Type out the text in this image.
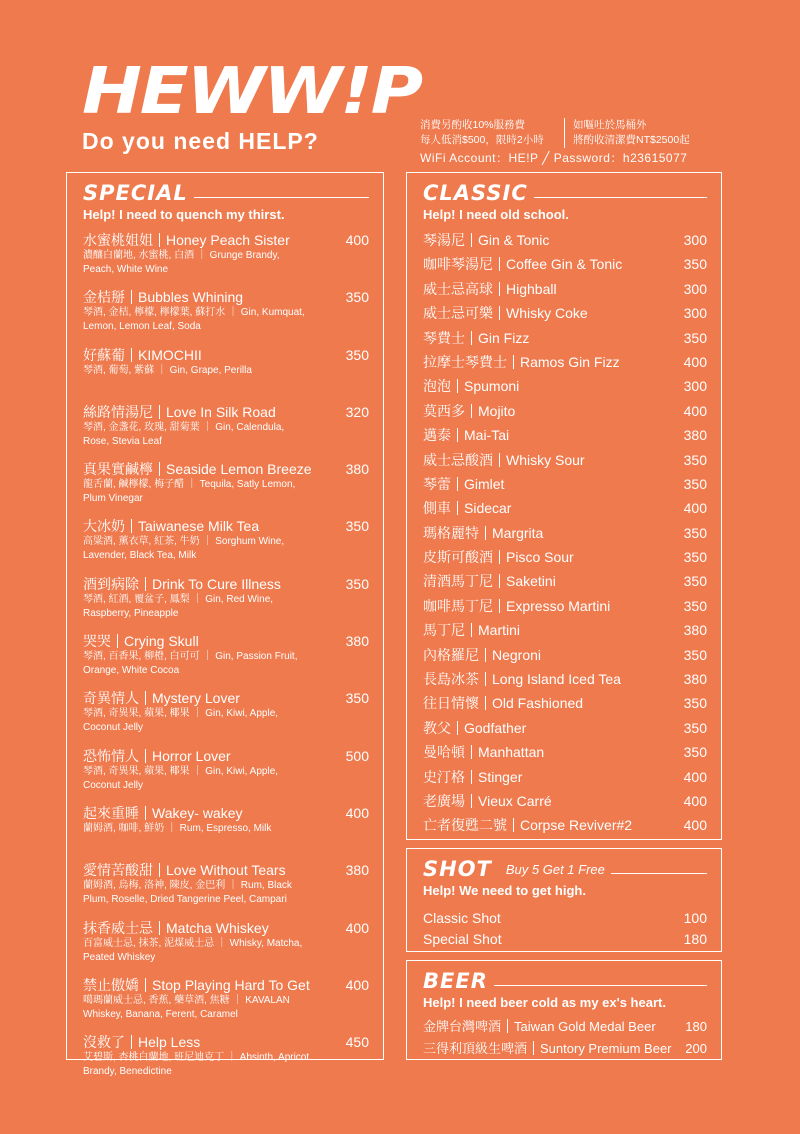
HEWW!P
Do you need HELP?
消費另酌收10%服務費
每人低消$500，限時2小時
如嘔吐於馬桶外
將酌收清潔費NT$2500起
WiFi Account：HE!P ╱ Password：h23615077
SPECIAL
Help! I need to quench my thirst.
水蜜桃姐姐 Honey Peach Sister
濃釀白蘭地, 水蜜桃, 白酒 ｜ Grunge Brandy, Peach, White Wine
400
金桔掰 Bubbles Whining
琴酒, 金桔, 檸檬, 檸檬葉, 蘇打水 ｜ Gin, Kumquat, Lemon, Lemon Leaf, Soda
350
好蘇葡 KIMOCHII
琴酒, 葡萄, 紫蘇 ｜ Gin, Grape, Perilla
350
絲路情湯尼 Love In Silk Road
琴酒, 金盞花, 玫瑰, 甜菊葉 ｜ Gin, Calendula, Rose, Stevia Leaf
320
真果實鹹檸 Seaside Lemon Breeze
龍舌蘭, 鹹檸檬, 梅子醋 ｜ Tequila, Satly Lemon, Plum Vinegar
380
大冰奶 Taiwanese Milk Tea
高粱酒, 薰衣草, 紅茶, 牛奶 ｜ Sorghum Wine, Lavender, Black Tea, Milk
350
酒到病除 Drink To Cure Illness
琴酒, 紅酒, 覆盆子, 鳳梨 ｜ Gin, Red Wine, Raspberry, Pineapple
350
哭哭 Crying Skull
琴酒, 百香果, 柳橙, 白可可 ｜ Gin, Passion Fruit, Orange, White Cocoa
380
奇異情人 Mystery Lover
琴酒, 奇異果, 蘋果, 椰果 ｜ Gin, Kiwi, Apple, Coconut Jelly
350
恐怖情人 Horror Lover
琴酒, 奇異果, 蘋果, 椰果 ｜ Gin, Kiwi, Apple, Coconut Jelly
500
起來重睡 Wakey- wakey
蘭姆酒, 咖啡, 鮮奶 ｜ Rum, Espresso, Milk
400
愛情苦酸甜 Love Without Tears
蘭姆酒, 烏梅, 洛神, 陳皮, 金巴利 ｜ Rum, Black Plum, Roselle, Dried Tangerine Peel, Campari
380
抹香威士忌 Matcha Whiskey
百富威士忌, 抹茶, 泥煤威士忌 ｜ Whisky, Matcha, Peated Whiskey
400
禁止傲嬌 Stop Playing Hard To Get
噶瑪蘭威士忌, 香蕉, 藥草酒, 焦糖 ｜ KAVALAN Whiskey, Banana, Ferent, Caramel
400
沒救了 Help Less
艾碧斯, 杏桃白蘭地, 班尼迪克丁 ｜ Absinth, Apricot Brandy, Benedictine
450
CLASSIC
Help! I need old school.
琴湯尼 Gin & Tonic	300
咖啡琴湯尼 Coffee Gin & Tonic	350
威士忌高球 Highball	300
威士忌可樂 Whisky Coke	300
琴費士 Gin Fizz	350
拉摩士琴費士 Ramos Gin Fizz	400
泡泡 Spumoni	300
莫西多 Mojito	400
邁泰 Mai-Tai	380
威士忌酸酒 Whisky Sour	350
琴蕾 Gimlet	350
側車 Sidecar	400
瑪格麗特 Margrita	350
皮斯可酸酒 Pisco Sour	350
清酒馬丁尼 Saketini	350
咖啡馬丁尼 Expresso Martini	350
馬丁尼 Martini	380
內格羅尼 Negroni	350
長島冰茶 Long Island Iced Tea	380
往日情懷 Old Fashioned	350
教父 Godfather	350
曼哈頓 Manhattan	350
史汀格 Stinger	400
老廣場 Vieux Carré	400
亡者復甦二號 Corpse Reviver#2	400
SHOT Buy 5 Get 1 Free
Help! We need to get high.
Classic Shot	100
Special Shot	180
BEER
Help! I need beer cold as my ex's heart.
金牌台灣啤酒 Taiwan Gold Medal Beer	180
三得利頂級生啤酒 Suntory Premium Beer	200
